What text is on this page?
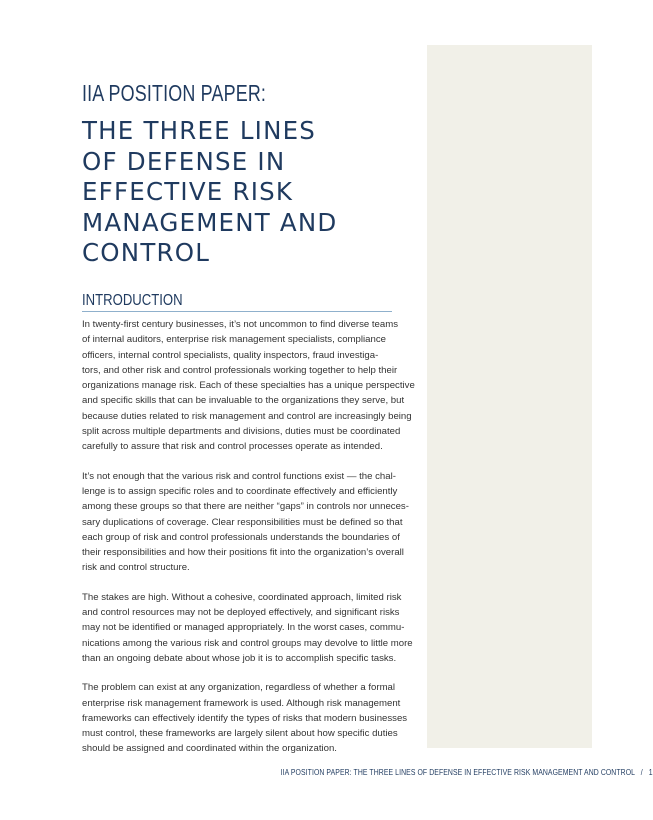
IIA POSITION PAPER:
THE THREE LINES
OF DEFENSE IN
EFFECTIVE RISK
MANAGEMENT AND
CONTROL
INTRODUCTION

In twenty-first century businesses, it’s not uncommon to find diverse teams
of internal auditors, enterprise risk management specialists, compliance
officers, internal control specialists, quality inspectors, fraud investiga-
tors, and other risk and control professionals working together to help their
organizations manage risk. Each of these specialties has a unique perspective
and specific skills that can be invaluable to the organizations they serve, but
because duties related to risk management and control are increasingly being
split across multiple departments and divisions, duties must be coordinated
carefully to assure that risk and control processes operate as intended.

It’s not enough that the various risk and control functions exist — the chal-
lenge is to assign specific roles and to coordinate effectively and efficiently
among these groups so that there are neither “gaps” in controls nor unneces-
sary duplications of coverage. Clear responsibilities must be defined so that
each group of risk and control professionals understands the boundaries of
their responsibilities and how their positions fit into the organization’s overall
risk and control structure.

The stakes are high. Without a cohesive, coordinated approach, limited risk
and control resources may not be deployed effectively, and significant risks
may not be identified or managed appropriately. In the worst cases, commu-
nications among the various risk and control groups may devolve to little more
than an ongoing debate about whose job it is to accomplish specific tasks.

The problem can exist at any organization, regardless of whether a formal
enterprise risk management framework is used. Although risk management
frameworks can effectively identify the types of risks that modern businesses
must control, these frameworks are largely silent about how specific duties
should be assigned and coordinated within the organization.

IIA POSITION PAPER: THE THREE LINES OF DEFENSE IN EFFECTIVE RISK MANAGEMENT AND CONTROL / 1
